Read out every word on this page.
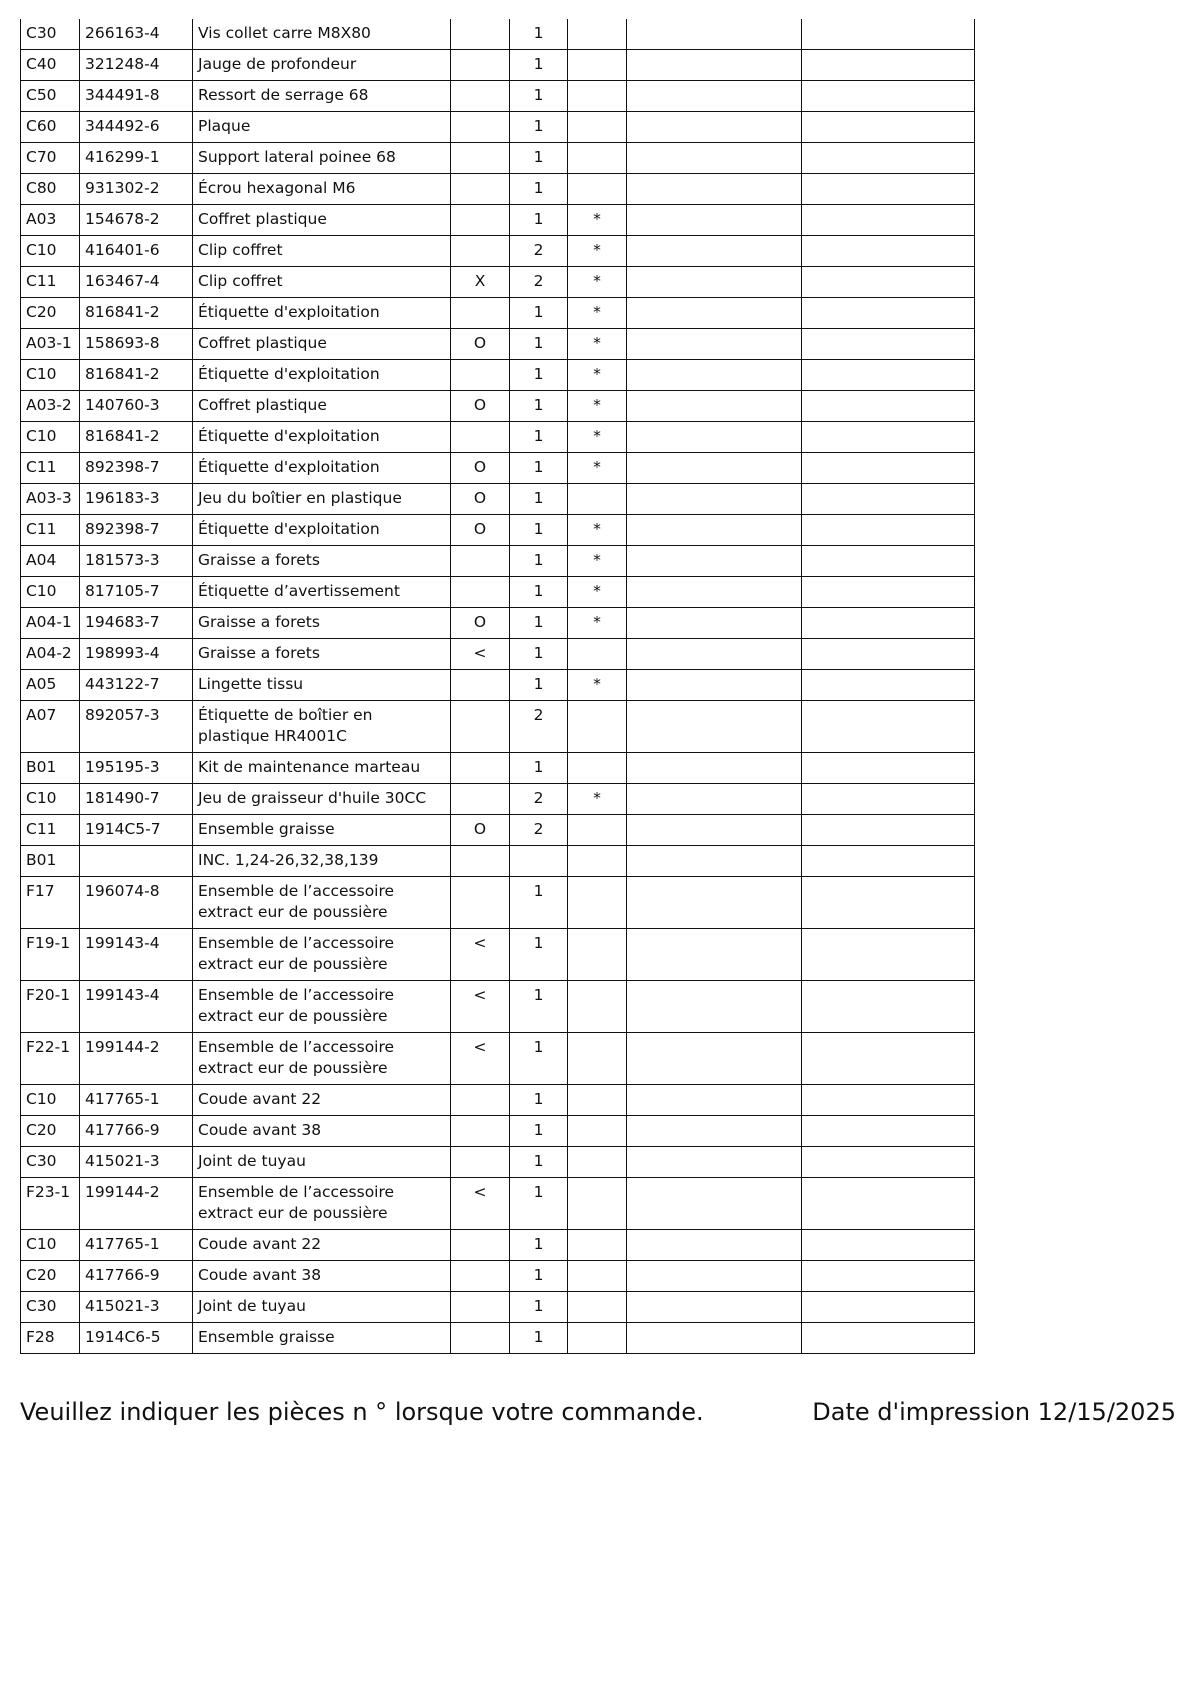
C30	266163-4	Vis collet carre M8X80		1			
C40	321248-4	Jauge de profondeur		1			
C50	344491-8	Ressort de serrage 68		1			
C60	344492-6	Plaque		1			
C70	416299-1	Support lateral poinee 68		1			
C80	931302-2	Écrou hexagonal M6		1			
A03	154678-2	Coffret plastique		1	*		
C10	416401-6	Clip coffret		2	*		
C11	163467-4	Clip coffret	X	2	*		
C20	816841-2	Étiquette d'exploitation		1	*		
A03-1	158693-8	Coffret plastique	O	1	*		
C10	816841-2	Étiquette d'exploitation		1	*		
A03-2	140760-3	Coffret plastique	O	1	*		
C10	816841-2	Étiquette d'exploitation		1	*		
C11	892398-7	Étiquette d'exploitation	O	1	*		
A03-3	196183-3	Jeu du boîtier en plastique	O	1			
C11	892398-7	Étiquette d'exploitation	O	1	*		
A04	181573-3	Graisse a forets		1	*		
C10	817105-7	Étiquette d’avertissement		1	*		
A04-1	194683-7	Graisse a forets	O	1	*		
A04-2	198993-4	Graisse a forets	<	1			
A05	443122-7	Lingette tissu		1	*		
A07	892057-3	Étiquette de boîtier en plastique HR4001C		2			
B01	195195-3	Kit de maintenance marteau		1			
C10	181490-7	Jeu de graisseur d'huile 30CC		2	*		
C11	1914C5-7	Ensemble graisse	O	2			
B01		INC. 1,24-26,32,38,139					
F17	196074-8	Ensemble de l’accessoire extract eur de poussière		1			
F19-1	199143-4	Ensemble de l’accessoire extract eur de poussière	<	1			
F20-1	199143-4	Ensemble de l’accessoire extract eur de poussière	<	1			
F22-1	199144-2	Ensemble de l’accessoire extract eur de poussière	<	1			
C10	417765-1	Coude avant 22		1			
C20	417766-9	Coude avant 38		1			
C30	415021-3	Joint de tuyau		1			
F23-1	199144-2	Ensemble de l’accessoire extract eur de poussière	<	1			
C10	417765-1	Coude avant 22		1			
C20	417766-9	Coude avant 38		1			
C30	415021-3	Joint de tuyau		1			
F28	1914C6-5	Ensemble graisse		1			
Veuillez indiquer les pièces n ° lorsque votre commande.	Date d'impression 12/15/2025
